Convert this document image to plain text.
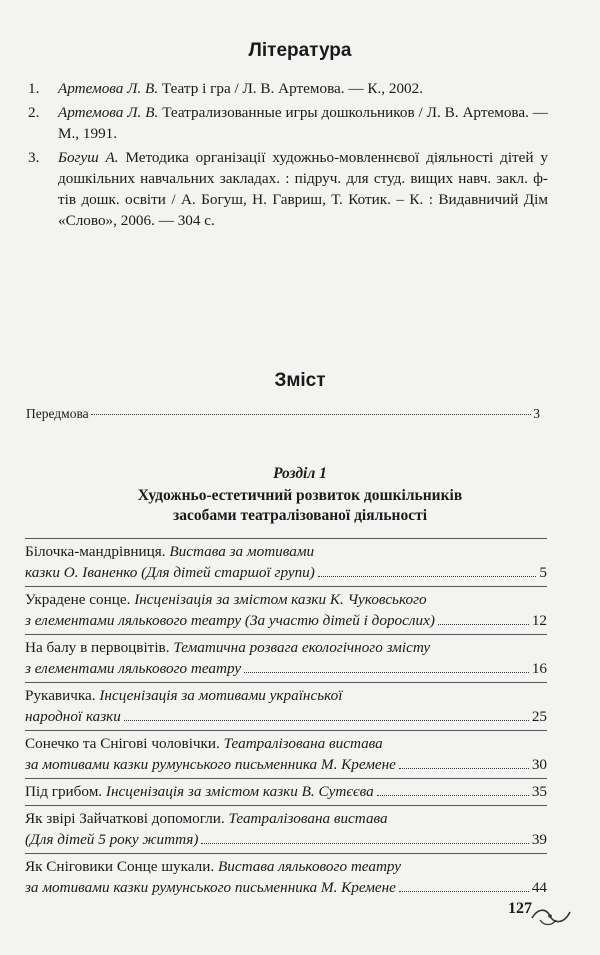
Література
1.	Артемова Л. В. Театр і гра / Л. В. Артемова. — К., 2002.
2.	Артемова Л. В. Театрализованные игры дошкольников / Л. В. Артемова. — М., 1991.
3.	Богуш А. Методика організації художньо-мовленнєвої діяльності дітей у дошкільних навчальних закладах. : підруч. для студ. вищих навч. закл. ф-тів дошк. освіти / А. Богуш, Н. Гавриш, Т. Котик. – К. : Видавничий Дім «Слово», 2006. — 304 с.
Зміст
Передмова	3
Розділ 1
Художньо-естетичний розвиток дошкільників
засобами театралізованої діяльності
Білочка-мандрівниця. Вистава за мотивами
казки О. Іваненко (Для дітей старшої групи)	5
Украдене сонце. Інсценізація за змістом казки К. Чуковського
з елементами лялькового театру (За участю дітей і дорослих)	12
На балу в первоцвітів. Тематична розвага екологічного змісту
з елементами лялькового театру	16
Рукавичка. Інсценізація за мотивами української
народної казки	25
Сонечко та Снігові чоловічки. Театралізована вистава
за мотивами казки румунського письменника М. Кремене	30
Під грибом. Інсценізація за змістом казки В. Сутєєва	35
Як звірі Зайчаткові допомогли. Театралізована вистава
(Для дітей 5 року життя)	39
Як Сніговики Сонце шукали. Вистава лялькового театру
за мотивами казки румунського письменника М. Кремене	44
127
